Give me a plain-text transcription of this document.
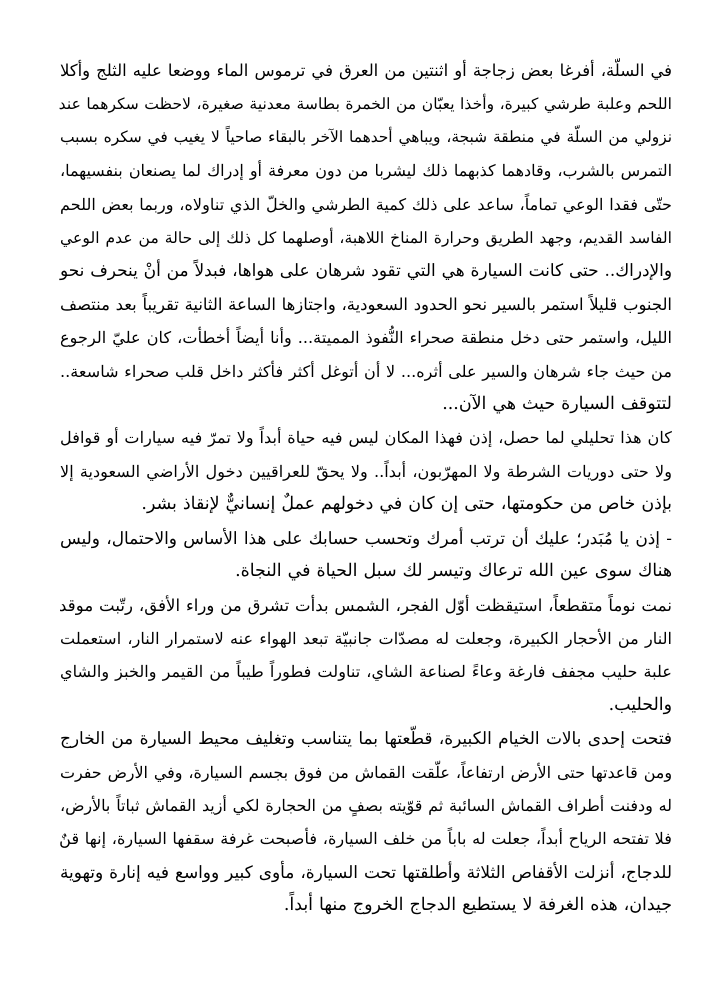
في السلّة، أفرغا بعض زجاجة أو اثنتين من العرق في ترموس الماء ووضعا عليه الثلج وأكلا
اللحم وعلبة طرشي كبيرة، وأخذا يعبّان من الخمرة بطاسة معدنية صغيرة، لاحظت سكرهما عند
نزولي من السلّة في منطقة شبجة، ويباهي أحدهما الآخر بالبقاء صاحياً لا يغيب في سكره بسبب
التمرس بالشرب، وقادهما كذبهما ذلك ليشربا من دون معرفة أو إدراك لما يصنعان بنفسيهما،
حتّى فقدا الوعي تماماً، ساعد على ذلك كمية الطرشي والخلّ الذي تناولاه، وربما بعض اللحم
الفاسد القديم، وجهد الطريق وحرارة المناخ اللاهبة، أوصلهما كل ذلك إلى حالة من عدم الوعي
والإدراك.. حتى كانت السيارة هي التي تقود شرهان على هواها، فبدلاً من أنْ ينحرف نحو
الجنوب قليلاً استمر بالسير نحو الحدود السعودية، واجتازها الساعة الثانية تقريباً بعد منتصف
الليل، واستمر حتى دخل منطقة صحراء النُّفوذ المميتة... وأنا أيضاً أخطأت، كان عليّ الرجوع
من حيث جاء شرهان والسير على أثره... لا أن أتوغل أكثر فأكثر داخل قلب صحراء شاسعة..
لتتوقف السيارة حيث هي الآن...

كان هذا تحليلي لما حصل، إذن فهذا المكان ليس فيه حياة أبداً ولا تمرّ فيه سيارات أو قوافل
ولا حتى دوريات الشرطة ولا المهرّبون، أبداً.. ولا يحقّ للعراقيين دخول الأراضي السعودية إلا
بإذن خاص من حكومتها، حتى إن كان في دخولهم عملٌ إنسانيٌّ لإنقاذ بشر.

- إذن يا مُبَدر؛ عليك أن ترتب أمرك وتحسب حسابك على هذا الأساس والاحتمال، وليس
هناك سوى عين الله ترعاك وتيسر لك سبل الحياة في النجاة.

نمت نوماً متقطعاً، استيقظت أوّل الفجر، الشمس بدأت تشرق من وراء الأفق، رتّبت موقد
النار من الأحجار الكبيرة، وجعلت له مصدّات جانبيّة تبعد الهواء عنه لاستمرار النار، استعملت
علبة حليب مجفف فارغة وعاءً لصناعة الشاي، تناولت فطوراً طيباً من القيمر والخبز والشاي
والحليب.

فتحت إحدى بالات الخيام الكبيرة، قطّعتها بما يتناسب وتغليف محيط السيارة من الخارج
ومن قاعدتها حتى الأرض ارتفاعاً، علّقت القماش من فوق بجسم السيارة، وفي الأرض حفرت
له ودفنت أطراف القماش السائبة ثم قوّيته بصفٍ من الحجارة لكي أزيد القماش ثباتاً بالأرض،
فلا تفتحه الرياح أبداً، جعلت له باباً من خلف السيارة، فأصبحت غرفة سقفها السيارة، إنها قنٌ
للدجاج، أنزلت الأقفاص الثلاثة وأطلقتها تحت السيارة، مأوى كبير وواسع فيه إنارة وتهوية
جيدان، هذه الغرفة لا يستطيع الدجاج الخروج منها أبداً.
